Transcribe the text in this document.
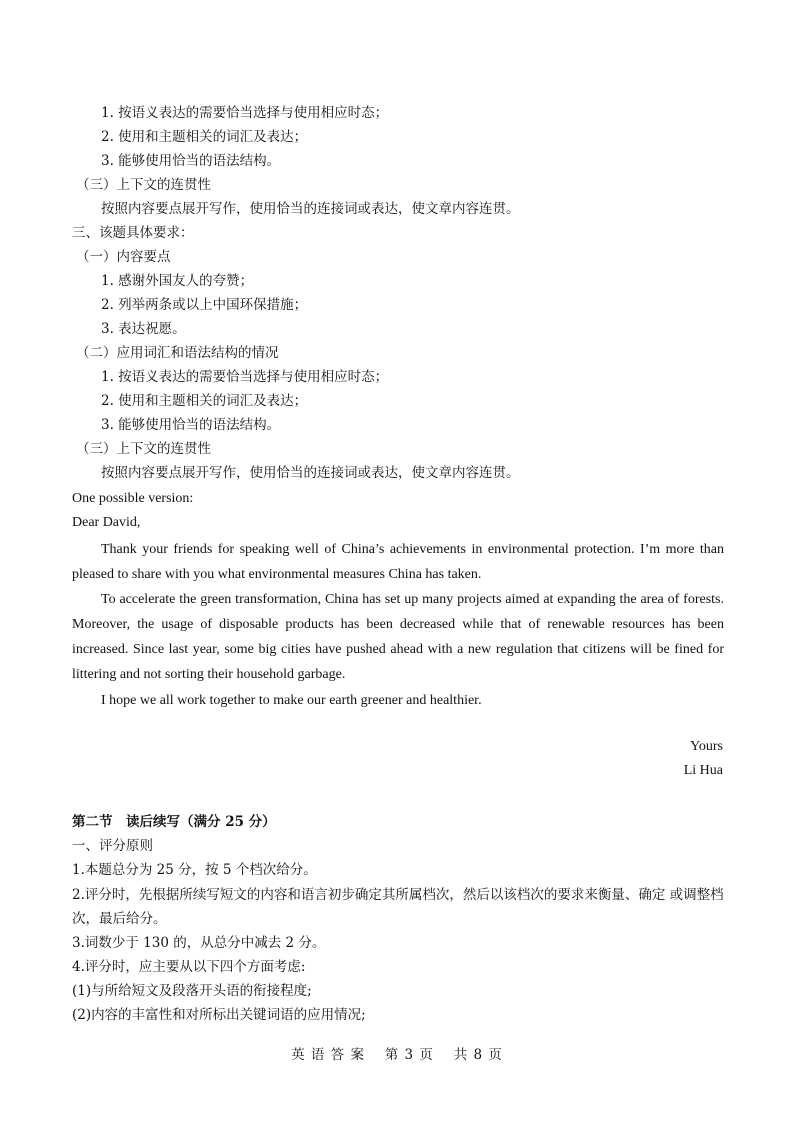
1. 按语义表达的需要恰当选择与使用相应时态；
2. 使用和主题相关的词汇及表达；
3. 能够使用恰当的语法结构。
（三）上下文的连贯性
按照内容要点展开写作，使用恰当的连接词或表达，使文章内容连贯。
三、该题具体要求：
（一）内容要点
1. 感谢外国友人的夸赞；
2. 列举两条或以上中国环保措施；
3. 表达祝愿。
（二）应用词汇和语法结构的情况
1. 按语义表达的需要恰当选择与使用相应时态；
2. 使用和主题相关的词汇及表达；
3. 能够使用恰当的语法结构。
（三）上下文的连贯性
按照内容要点展开写作，使用恰当的连接词或表达，使文章内容连贯。
One possible version:
Dear David,
Thank your friends for speaking well of China’s achievements in environmental protection. I’m more than pleased to share with you what environmental measures China has taken.
To accelerate the green transformation, China has set up many projects aimed at expanding the area of forests. Moreover, the usage of disposable products has been decreased while that of renewable resources has been increased. Since last year, some big cities have pushed ahead with a new regulation that citizens will be fined for littering and not sorting their household garbage.
I hope we all work together to make our earth greener and healthier.
Yours
Li Hua
第二节　读后续写（满分 25 分）
一、评分原则
1.本题总分为 25 分，按 5 个档次给分。
2.评分时，先根据所续写短文的内容和语言初步确定其所属档次，然后以该档次的要求来衡量、确定 或调整档次，最后给分。
3.词数少于 130 的，从总分中减去 2 分。
4.评分时，应主要从以下四个方面考虑:
(1)与所给短文及段落开头语的衔接程度;
(2)内容的丰富性和对所标出关键词语的应用情况;
英 语 答 案　 第 3 页　 共 8 页
